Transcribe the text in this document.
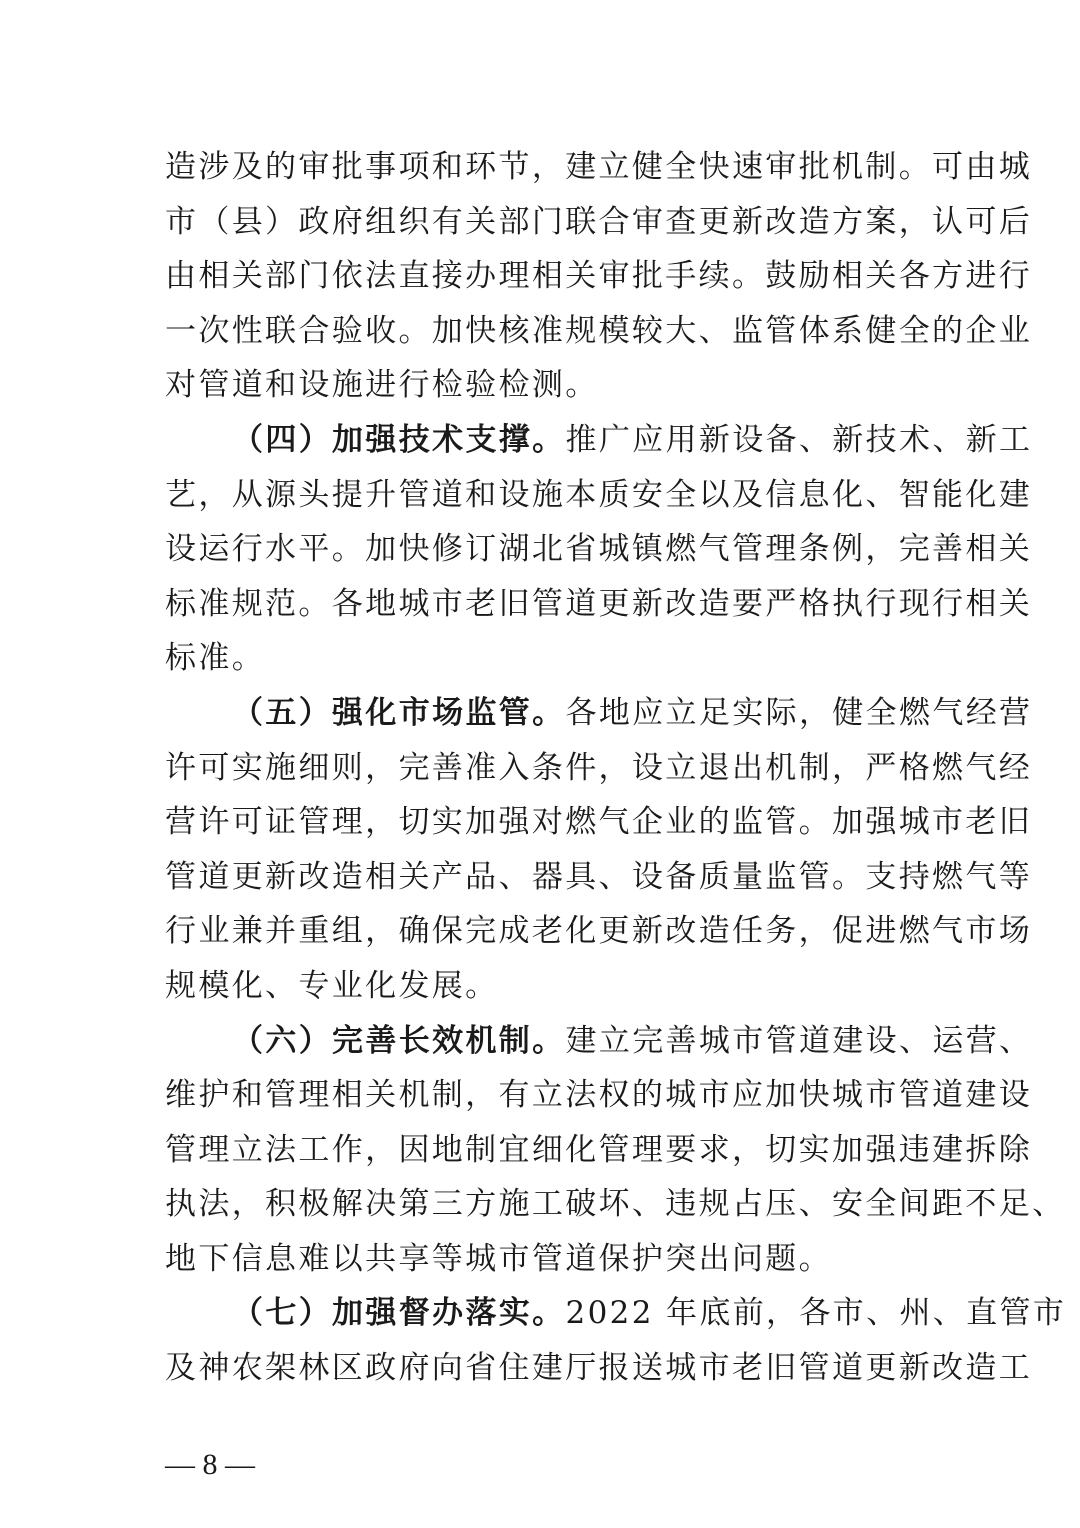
造涉及的审批事项和环节，建立健全快速审批机制。可由城
市（县）政府组织有关部门联合审查更新改造方案，认可后
由相关部门依法直接办理相关审批手续。鼓励相关各方进行
一次性联合验收。加快核准规模较大、监管体系健全的企业
对管道和设施进行检验检测。
（四）加强技术支撑。推广应用新设备、新技术、新工
艺，从源头提升管道和设施本质安全以及信息化、智能化建
设运行水平。加快修订湖北省城镇燃气管理条例，完善相关
标准规范。各地城市老旧管道更新改造要严格执行现行相关
标准。
（五）强化市场监管。各地应立足实际，健全燃气经营
许可实施细则，完善准入条件，设立退出机制，严格燃气经
营许可证管理，切实加强对燃气企业的监管。加强城市老旧
管道更新改造相关产品、器具、设备质量监管。支持燃气等
行业兼并重组，确保完成老化更新改造任务，促进燃气市场
规模化、专业化发展。
（六）完善长效机制。建立完善城市管道建设、运营、
维护和管理相关机制，有立法权的城市应加快城市管道建设
管理立法工作，因地制宜细化管理要求，切实加强违建拆除
执法，积极解决第三方施工破坏、违规占压、安全间距不足、
地下信息难以共享等城市管道保护突出问题。
（七）加强督办落实。2022 年底前，各市、州、直管市
及神农架林区政府向省住建厅报送城市老旧管道更新改造工
— 8 —
